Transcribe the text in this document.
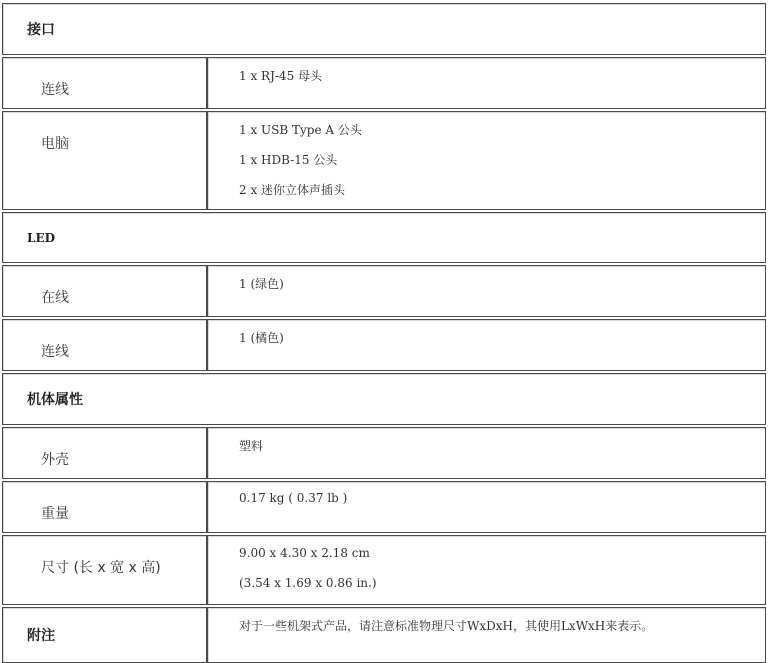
接口
连线
1 x RJ-45 母头
电脑
1 x USB Type A 公头
1 x HDB-15 公头
2 x 迷你立体声插头
LED
在线
1 (绿色)
连线
1 (橘色)
机体属性
外壳
塑料
重量
0.17 kg ( 0.37 lb )
尺寸 (长 x 宽 x 高)
9.00 x 4.30 x 2.18 cm
(3.54 x 1.69 x 0.86 in.)
附注
对于一些机架式产品，请注意标准物理尺寸WxDxH，其使用LxWxH来表示。
